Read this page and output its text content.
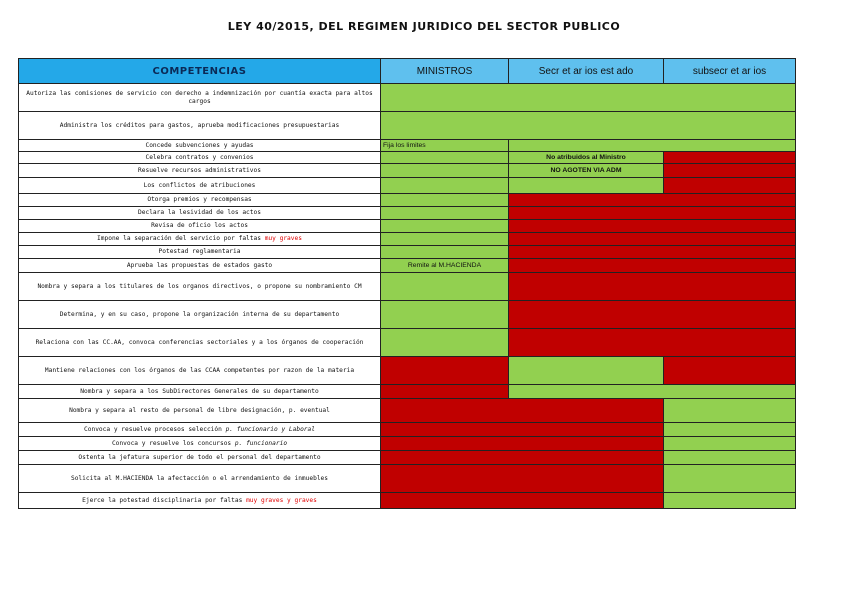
LEY 40/2015, DEL REGIMEN JURIDICO DEL SECTOR PUBLICO
COMPETENCIAS	MINISTROS	Secr et ar ios est ado	subsecr et ar ios
Autoriza las comisiones de servicio con derecho a indemnización por cuantía exacta para altos cargos			
Administra los créditos para gastos, aprueba modificaciones presupuestarias			
Concede subvenciones y ayudas	Fija los limites		
Celebra contratos y convenios		No atribuidos al Ministro	
Resuelve recursos administrativos		NO AGOTEN VIA ADM	
Los conflictos de atribuciones			
Otorga premios y recompensas			
Declara la lesividad de los actos			
Revisa de oficio los actos			
Impone la separación del servicio por faltas muy graves			
Potestad reglamentaria			
Aprueba las propuestas de estados gasto	Remite al M.HACIENDA		
Nombra y separa a los titulares de los organos directivos, o propone su nombramiento CM			
Determina, y en su caso, propone la organización interna de su departamento			
Relaciona con las CC.AA, convoca conferencias sectoriales y a los órganos de cooperación			
Mantiene relaciones con los órganos de las CCAA competentes por razon de la materia			
Nombra y separa a los SubDirectores Generales de su departamento			
Nombra y separa al resto de personal de libre designación, p. eventual			
Convoca y resuelve procesos selección p. funcionario y Laboral			
Convoca y resuelve los concursos p. funcionario			
Ostenta la jefatura superior de todo el personal del departamento			
Solicita al M.HACIENDA la afectacción o el arrendamiento de inmuebles			
Ejerce la potestad disciplinaria por faltas muy graves y graves			
